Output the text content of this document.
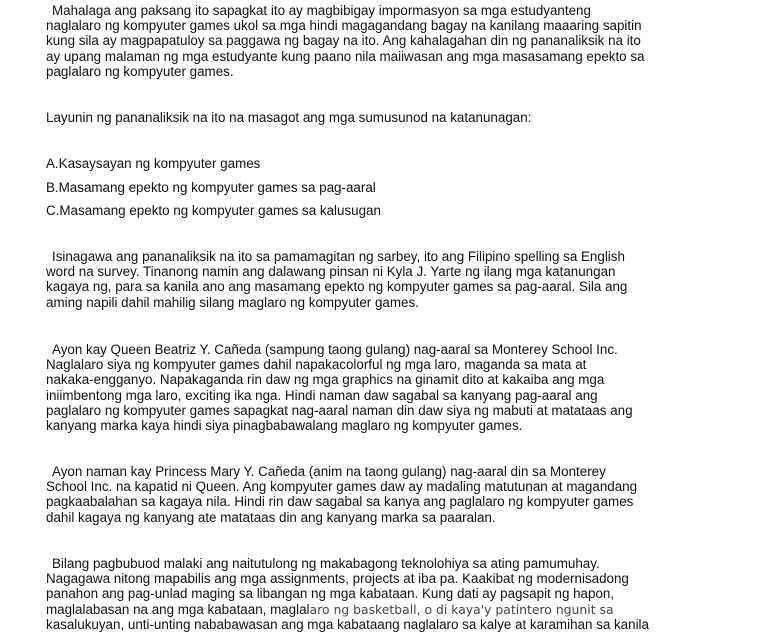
Mahalaga ang paksang ito sapagkat ito ay magbibigay impormasyon sa mga estudyanteng
naglalaro ng kompyuter games ukol sa mga hindi magagandang bagay na kanilang maaaring sapitin
kung sila ay magpapatuloy sa paggawa ng bagay na ito. Ang kahalagahan din ng pananaliksik na ito
ay upang malaman ng mga estudyante kung paano nila maiiwasan ang mga masasamang epekto sa
paglalaro ng kompyuter games.

Layunin ng pananaliksik na ito na masagot ang mga sumusunod na katanunagan:

A.Kasaysayan ng kompyuter games

B.Masamang epekto ng kompyuter games sa pag-aaral

C.Masamang epekto ng kompyuter games sa kalusugan

Isinagawa ang pananaliksik na ito sa pamamagitan ng sarbey, ito ang Filipino spelling sa English
word na survey. Tinanong namin ang dalawang pinsan ni Kyla J. Yarte ng ilang mga katanungan
kagaya ng, para sa kanila ano ang masamang epekto ng kompyuter games sa pag-aaral. Sila ang
aming napili dahil mahilig silang maglaro ng kompyuter games.

Ayon kay Queen Beatriz Y. Cañeda (sampung taong gulang) nag-aaral sa Monterey School Inc.
Naglalaro siya ng kompyuter games dahil napakacolorful ng mga laro, maganda sa mata at
nakaka-engganyo. Napakaganda rin daw ng mga graphics na ginamit dito at kakaiba ang mga
iniimbentong mga laro, exciting ika nga. Hindi naman daw sagabal sa kanyang pag-aaral ang
paglalaro ng kompyuter games sapagkat nag-aaral naman din daw siya ng mabuti at matataas ang
kanyang marka kaya hindi siya pinagbabawalang maglaro ng kompyuter games.

Ayon naman kay Princess Mary Y. Cañeda (anim na taong gulang) nag-aaral din sa Monterey
School Inc. na kapatid ni Queen. Ang kompyuter games daw ay madaling matutunan at magandang
pagkaabalahan sa kagaya nila. Hindi rin daw sagabal sa kanya ang paglalaro ng kompyuter games
dahil kagaya ng kanyang ate matataas din ang kanyang marka sa paaralan.

Bilang pagbubuod malaki ang naitutulong ng makabagong teknolohiya sa ating pamumuhay.
Nagagawa nitong mapabilis ang mga assignments, projects at iba pa. Kaakibat ng modernisadong
panahon ang pag-unlad maging sa libangan ng mga kabataan. Kung dati ay pagsapit ng hapon,
maglalabasan na ang mga kabataan, maglalaro ng basketball, o di kaya'y patintero ngunit sa
kasalukuyan, unti-unting nababawasan ang mga kabataang naglalaro sa kalye at karamihan sa kanila
